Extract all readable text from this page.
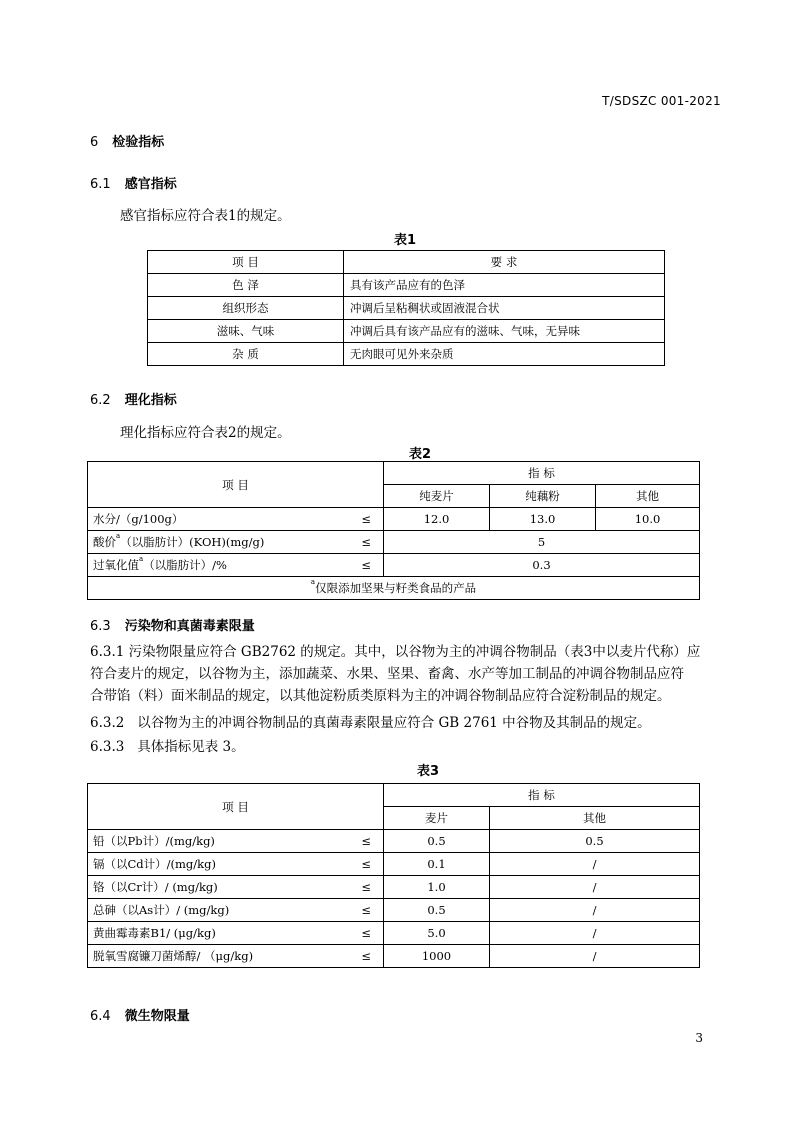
T/SDSZC 001-2021
6 检验指标
6.1 感官指标
感官指标应符合表1的规定。
表1
项 目	要 求
色 泽	具有该产品应有的色泽
组织形态	冲调后呈粘稠状或固液混合状
滋味、气味	冲调后具有该产品应有的滋味、气味，无异味
杂 质	无肉眼可见外来杂质
6.2 理化指标
理化指标应符合表2的规定。
表2
项 目	指 标		
	纯麦片	纯藕粉	其他
水分/（g/100g） ≤	12.0	13.0	10.0
酸价$^a$（以脂肪计）(KOH)(mg/g) ≤	5		
过氧化值$^a$（以脂肪计）/% ≤	0.3		
$^a$仅限添加坚果与籽类食品的产品			
6.3 污染物和真菌毒素限量
6.3.1 污染物限量应符合 GB2762 的规定。其中，以谷物为主的冲调谷物制品（表3中以麦片代称）应
符合麦片的规定，以谷物为主，添加蔬菜、水果、坚果、畜禽、水产等加工制品的冲调谷物制品应符
合带馅（料）面米制品的规定，以其他淀粉质类原料为主的冲调谷物制品应符合淀粉制品的规定。
6.3.2   以谷物为主的冲调谷物制品的真菌毒素限量应符合 GB 2761 中谷物及其制品的规定。
6.3.3   具体指标见表 3。
表3
项 目	指 标	
	麦片	其他
铅（以Pb计）/(mg/kg) ≤	0.5	0.5
镉（以Cd计）/(mg/kg) ≤	0.1	/
铬（以Cr计）/ (mg/kg) ≤	1.0	/
总砷（以As计）/ (mg/kg) ≤	0.5	/
黄曲霉毒素B1/ (μg/kg) ≤	5.0	/
脱氧雪腐镰刀菌烯醇/ （μg/kg) ≤	1000	/
6.4 微生物限量
3
